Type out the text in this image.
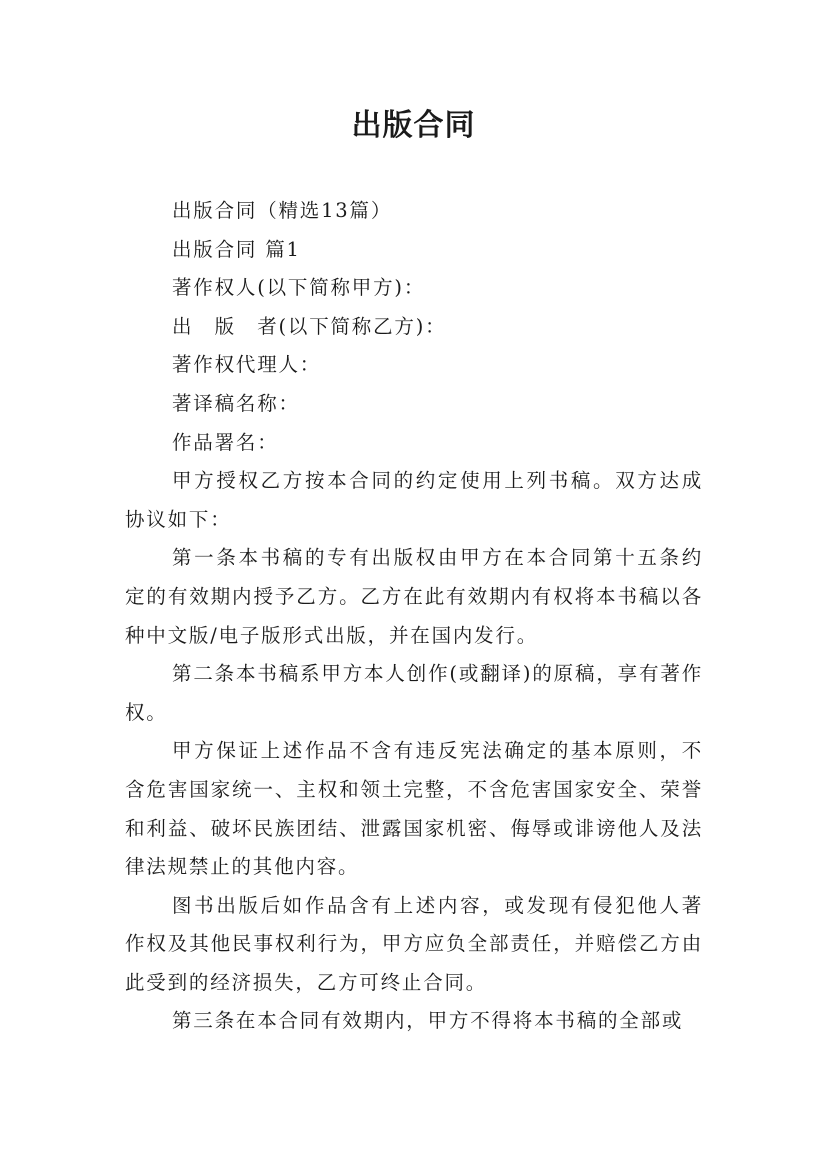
出版合同

出版合同（精选13篇）

出版合同 篇1

著作权人(以下简称甲方)：

出　版　者(以下简称乙方)：

著作权代理人：

著译稿名称：

作品署名：

甲方授权乙方按本合同的约定使用上列书稿。双方达成协议如下：

第一条本书稿的专有出版权由甲方在本合同第十五条约定的有效期内授予乙方。乙方在此有效期内有权将本书稿以各种中文版/电子版形式出版，并在国内发行。

第二条本书稿系甲方本人创作(或翻译)的原稿，享有著作权。

甲方保证上述作品不含有违反宪法确定的基本原则，不含危害国家统一、主权和领土完整，不含危害国家安全、荣誉和利益、破坏民族团结、泄露国家机密、侮辱或诽谤他人及法律法规禁止的其他内容。

图书出版后如作品含有上述内容，或发现有侵犯他人著作权及其他民事权利行为，甲方应负全部责任，并赔偿乙方由此受到的经济损失，乙方可终止合同。

第三条在本合同有效期内，甲方不得将本书稿的全部或
